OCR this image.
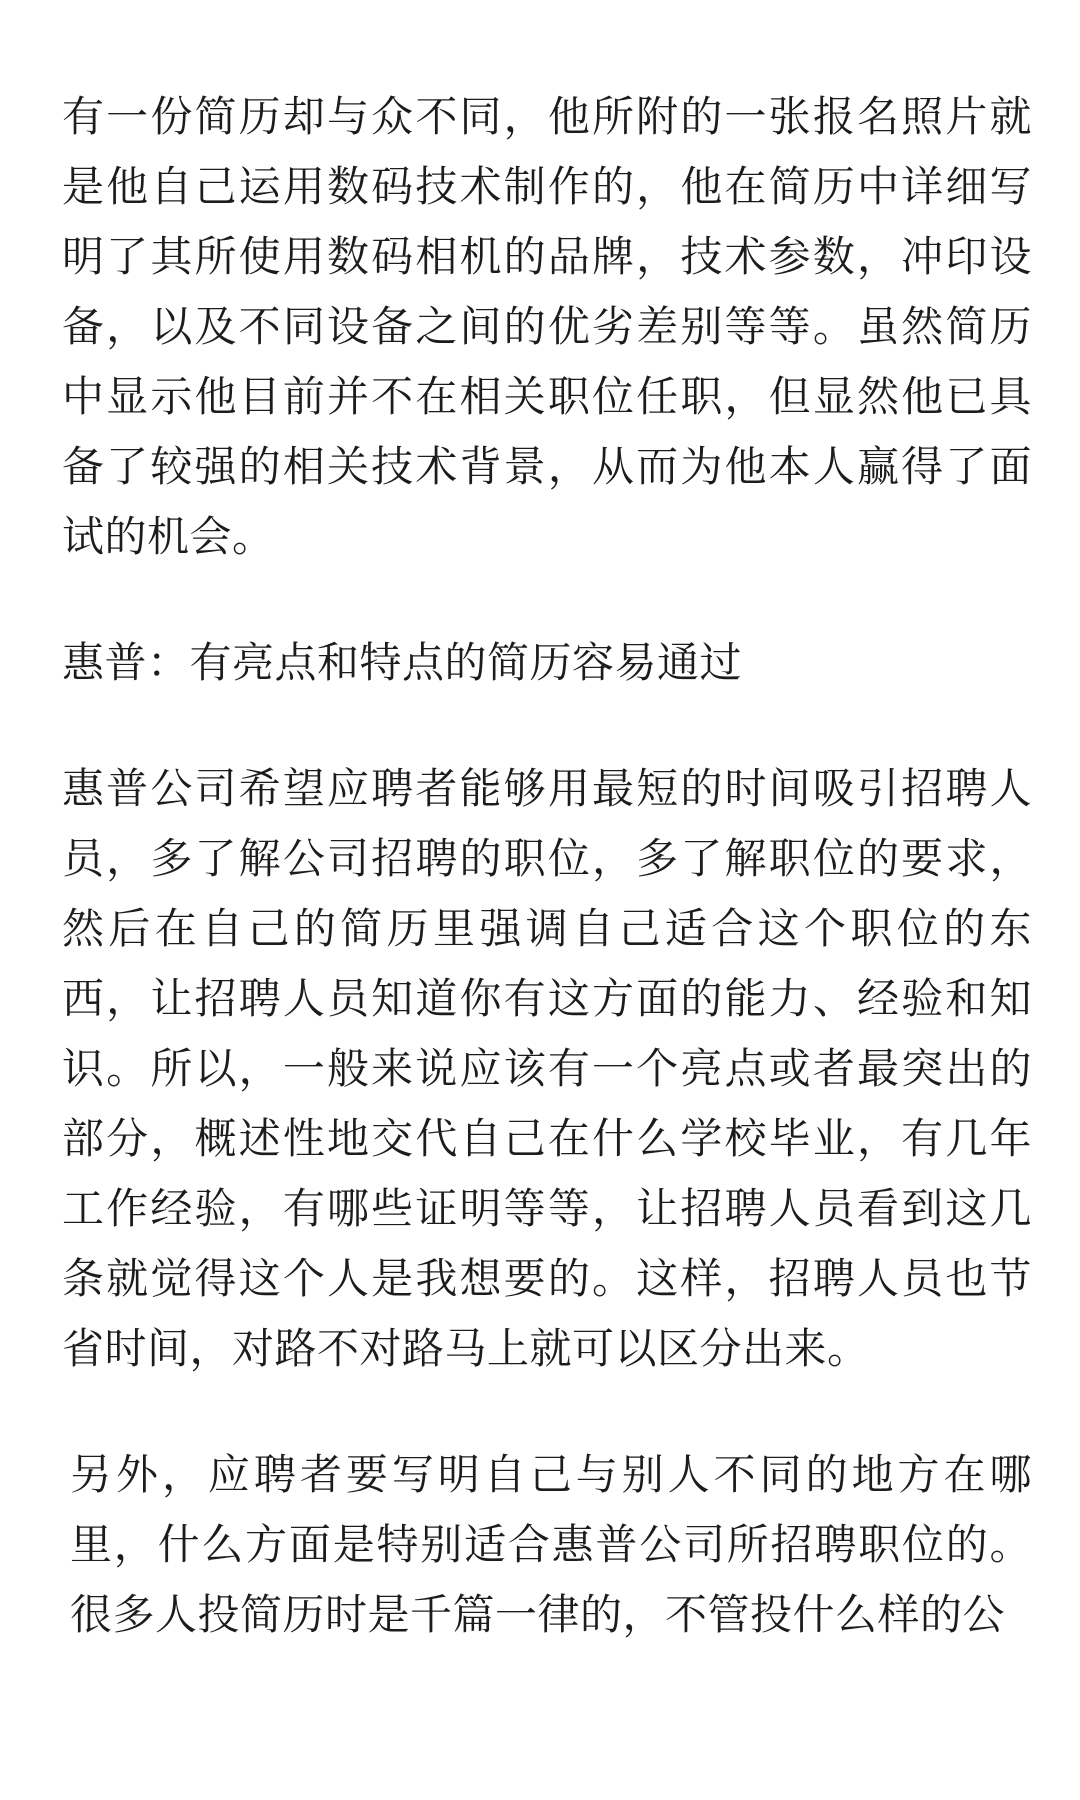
有一份简历却与众不同，他所附的一张报名照片就是他自己运用数码技术制作的，他在简历中详细写明了其所使用数码相机的品牌，技术参数，冲印设备，以及不同设备之间的优劣差别等等。虽然简历中显示他目前并不在相关职位任职，但显然他已具备了较强的相关技术背景，从而为他本人赢得了面试的机会。

惠普：有亮点和特点的简历容易通过

惠普公司希望应聘者能够用最短的时间吸引招聘人员，多了解公司招聘的职位，多了解职位的要求，然后在自己的简历里强调自己适合这个职位的东西，让招聘人员知道你有这方面的能力、经验和知识。所以，一般来说应该有一个亮点或者最突出的部分，概述性地交代自己在什么学校毕业，有几年工作经验，有哪些证明等等，让招聘人员看到这几条就觉得这个人是我想要的。这样，招聘人员也节省时间，对路不对路马上就可以区分出来。

另外，应聘者要写明自己与别人不同的地方在哪里，什么方面是特别适合惠普公司所招聘职位的。很多人投简历时是千篇一律的，不管投什么样的公
